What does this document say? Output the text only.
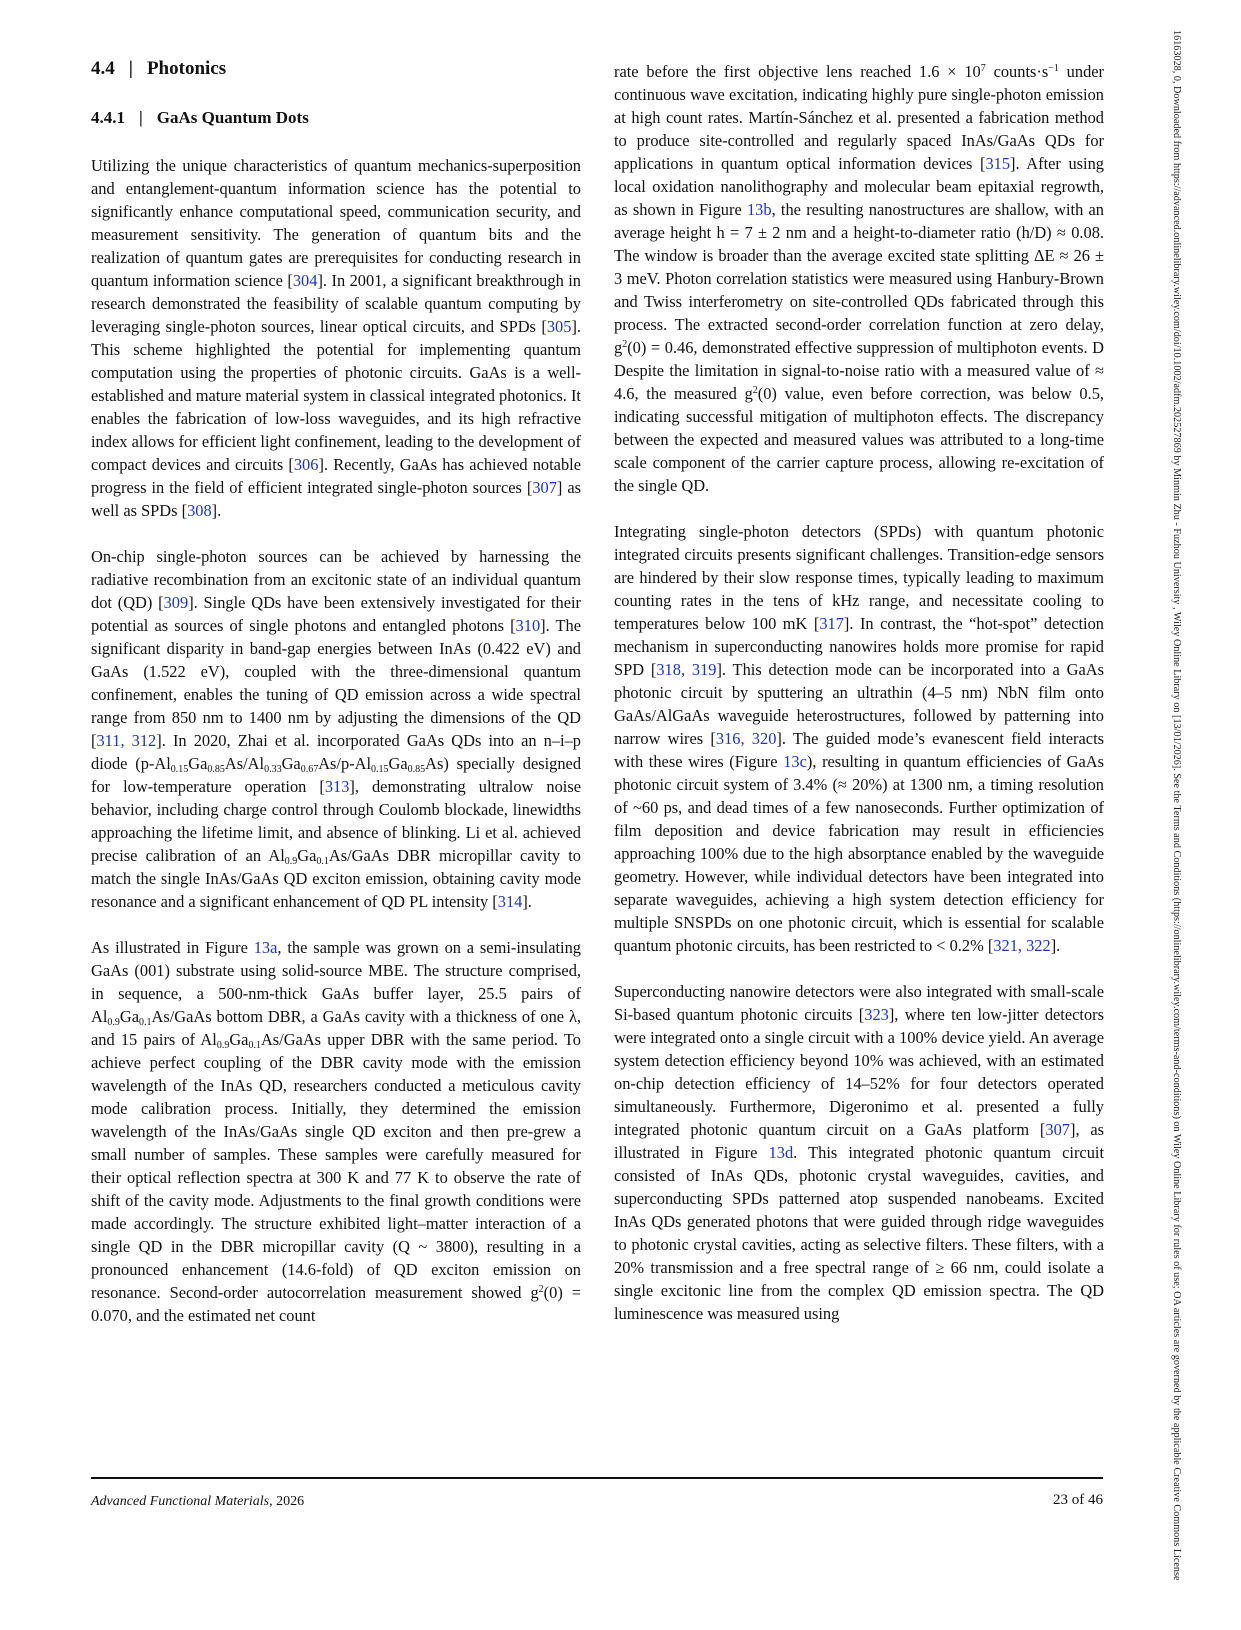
4.4 | Photonics
4.4.1 | GaAs Quantum Dots

Utilizing the unique characteristics of quantum mechanics-superposition and entanglement-quantum information science has the potential to significantly enhance computational speed, communication security, and measurement sensitivity. The generation of quantum bits and the realization of quantum gates are prerequisites for conducting research in quantum information science [304]. In 2001, a significant breakthrough in research demonstrated the feasibility of scalable quantum computing by leveraging single-photon sources, linear optical circuits, and SPDs [305]. This scheme highlighted the potential for implementing quantum computation using the properties of photonic circuits. GaAs is a well-established and mature material system in classical integrated photonics. It enables the fabrication of low-loss waveguides, and its high refractive index allows for efficient light confinement, leading to the development of compact devices and circuits [306]. Recently, GaAs has achieved notable progress in the field of efficient integrated single-photon sources [307] as well as SPDs [308].

On-chip single-photon sources can be achieved by harnessing the radiative recombination from an excitonic state of an individual quantum dot (QD) [309]. Single QDs have been extensively investigated for their potential as sources of single photons and entangled photons [310]. The significant disparity in band-gap energies between InAs (0.422 eV) and GaAs (1.522 eV), coupled with the three-dimensional quantum confinement, enables the tuning of QD emission across a wide spectral range from 850 nm to 1400 nm by adjusting the dimensions of the QD [311, 312]. In 2020, Zhai et al. incorporated GaAs QDs into an n–i–p diode $(p-Al_{0.15}Ga_{0.85}As/Al_{0.33}Ga_{0.67}As/p-Al_{0.15}Ga_{0.85}As)$ specially designed for low-temperature operation [313], demonstrating ultralow noise behavior, including charge control through Coulomb blockade, linewidths approaching the lifetime limit, and absence of blinking. Li et al. achieved precise calibration of an $Al_{0.9}Ga_{0.1}As$/GaAs DBR micropillar cavity to match the single InAs/GaAs QD exciton emission, obtaining cavity mode resonance and a significant enhancement of QD PL intensity [314].

As illustrated in Figure 13a, the sample was grown on a semi-insulating GaAs (001) substrate using solid-source MBE. The structure comprised, in sequence, a 500-nm-thick GaAs buffer layer, 25.5 pairs of $Al_{0.9}Ga_{0.1}As$/GaAs bottom DBR, a GaAs cavity with a thickness of one λ, and 15 pairs of $Al_{0.9}Ga_{0.1}As$/GaAs upper DBR with the same period. To achieve perfect coupling of the DBR cavity mode with the emission wavelength of the InAs QD, researchers conducted a meticulous cavity mode calibration process. Initially, they determined the emission wavelength of the InAs/GaAs single QD exciton and then pre-grew a small number of samples. These samples were carefully measured for their optical reflection spectra at 300 K and 77 K to observe the rate of shift of the cavity mode. Adjustments to the final growth conditions were made accordingly. The structure exhibited light–matter interaction of a single QD in the DBR micropillar cavity (Q ~ 3800), resulting in a pronounced enhancement (14.6-fold) of QD exciton emission on resonance. Second-order autocorrelation measurement showed $g^2(0) = 0.070$, and the estimated net count

rate before the first objective lens reached $1.6 \times 10^7$ $counts\cdot s^{-1}$ under continuous wave excitation, indicating highly pure single-photon emission at high count rates. Martín-Sánchez et al. presented a fabrication method to produce site-controlled and regularly spaced InAs/GaAs QDs for applications in quantum optical information devices [315]. After using local oxidation nanolithography and molecular beam epitaxial regrowth, as shown in Figure 13b, the resulting nanostructures are shallow, with an average height h = 7 ± 2 nm and a height-to-diameter ratio (h/D) ≈ 0.08. The window is broader than the average excited state splitting ΔE ≈ 26 ± 3 meV. Photon correlation statistics were measured using Hanbury-Brown and Twiss interferometry on site-controlled QDs fabricated through this process. The extracted second-order correlation function at zero delay, $g^2(0) = 0.46$, demonstrated effective suppression of multiphoton events. D Despite the limitation in signal-to-noise ratio with a measured value of ≈ 4.6, the measured $g^2(0)$ value, even before correction, was below 0.5, indicating successful mitigation of multiphoton effects. The discrepancy between the expected and measured values was attributed to a long-time scale component of the carrier capture process, allowing re-excitation of the single QD.

Integrating single-photon detectors (SPDs) with quantum photonic integrated circuits presents significant challenges. Transition-edge sensors are hindered by their slow response times, typically leading to maximum counting rates in the tens of kHz range, and necessitate cooling to temperatures below 100 mK [317]. In contrast, the “hot-spot” detection mechanism in superconducting nanowires holds more promise for rapid SPD [318, 319]. This detection mode can be incorporated into a GaAs photonic circuit by sputtering an ultrathin (4–5 nm) NbN film onto GaAs/AlGaAs waveguide heterostructures, followed by patterning into narrow wires [316, 320]. The guided mode’s evanescent field interacts with these wires (Figure 13c), resulting in quantum efficiencies of GaAs photonic circuit system of 3.4% (≈ 20%) at 1300 nm, a timing resolution of ~60 ps, and dead times of a few nanoseconds. Further optimization of film deposition and device fabrication may result in efficiencies approaching 100% due to the high absorptance enabled by the waveguide geometry. However, while individual detectors have been integrated into separate waveguides, achieving a high system detection efficiency for multiple SNSPDs on one photonic circuit, which is essential for scalable quantum photonic circuits, has been restricted to < 0.2% [321, 322].

Superconducting nanowire detectors were also integrated with small-scale Si-based quantum photonic circuits [323], where ten low-jitter detectors were integrated onto a single circuit with a 100% device yield. An average system detection efficiency beyond 10% was achieved, with an estimated on-chip detection efficiency of 14–52% for four detectors operated simultaneously. Furthermore, Digeronimo et al. presented a fully integrated photonic quantum circuit on a GaAs platform [307], as illustrated in Figure 13d. This integrated photonic quantum circuit consisted of InAs QDs, photonic crystal waveguides, cavities, and superconducting SPDs patterned atop suspended nanobeams. Excited InAs QDs generated photons that were guided through ridge waveguides to photonic crystal cavities, acting as selective filters. These filters, with a 20% transmission and a free spectral range of ≥ 66 nm, could isolate a single excitonic line from the complex QD emission spectra. The QD luminescence was measured using

Advanced Functional Materials, 2026	23 of 46	16163028, 0, Downloaded from https://advanced.onlinelibrary.wiley.com/doi/10.1002/adfm.202527869 by Minmin Zhu - Fuzhou University , Wiley Online Library on [13/01/2026]. See the Terms and Conditions (https://onlinelibrary.wiley.com/terms-and-conditions) on Wiley Online Library for rules of use; OA articles are governed by the applicable Creative Commons License
